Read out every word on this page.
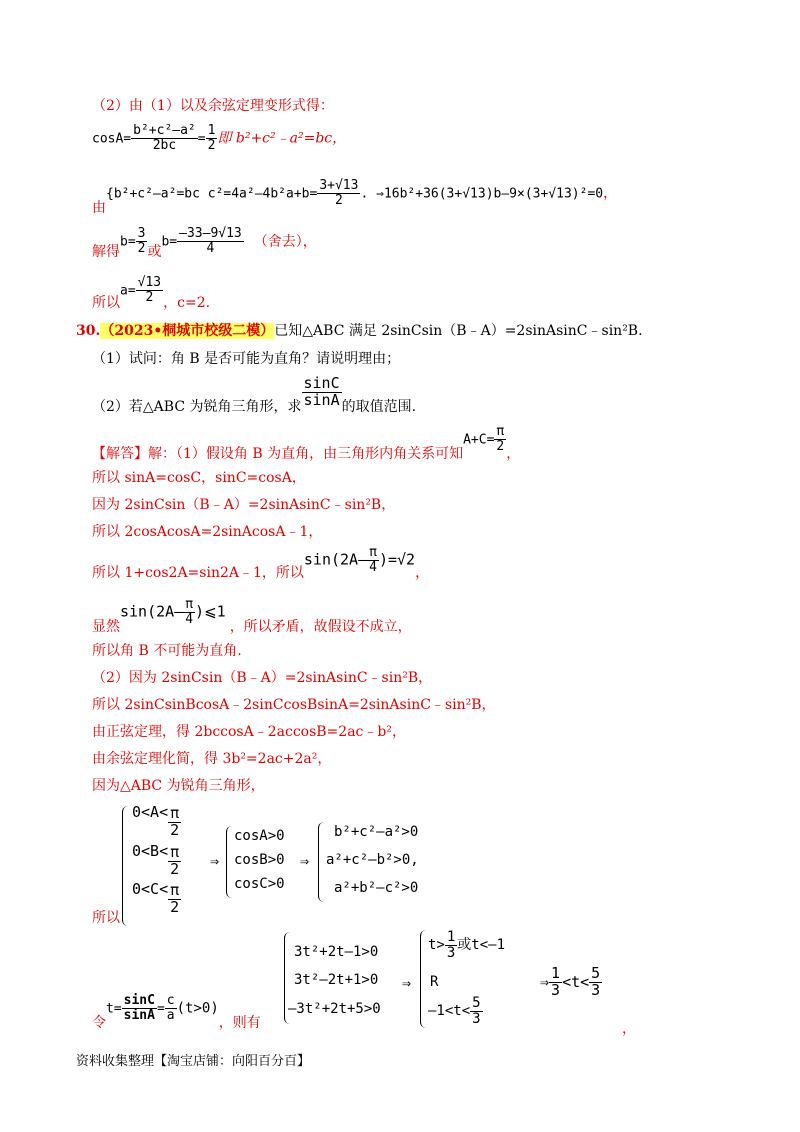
（2）由（1）以及余弦定理变形式得：
$\cos A= \frac{\text{b²+c²–a²}}{2bc} = \frac{1}{2}$ 即 b²+c²﹣a²=bc，
由{b²+c²–a²=bc $c^2=4a^2-4b^2a+b= \frac{3+√13}{2}$ . ⇒16b²+36(3+√13)b–9×(3+√13)²=0，
解得$b= \frac{3}{2}$ 或$b= \frac{-33-9√13}{4}$ （舍去），
所以$a= \frac{√13}{2}$ ，c=2.
30.（2023•桐城市校级二模）已知△ABC 满足 2sinCsin（B﹣A）=2sinAsinC﹣sin²B.
（1）试问：角 B 是否可能为直角？请说明理由；
（2）若△ABC 为锐角三角形，求 $\frac{\sin C}{\sin A}$ 的取值范围.
【解答】解：（1）假设角 B 为直角，由三角形内角关系可知$A+C= \frac{\pi}{2}$
，
所以 sinA=cosC，sinC=cosA，
因为 2sinCsin（B﹣A）=2sinAsinC﹣sin²B，
所以 2cosAcosA=2sinAcosA﹣1，
所以 1+cos2A=sin2A﹣1，所以$\sin(2A- \frac{\pi}{4} )=√2$，
显然$\sin(2A- \frac{\pi}{4}$ )⩽1，所以矛盾，故假设不成立，
所以角 B 不可能为直角.
（2）因为 2sinCsin（B﹣A）=2sinAsinC﹣sin²B，
所以 2sinCsinBcosA﹣2sinCcosBsinA=2sinAsinC﹣sin²B，
由正弦定理，得 2bccosA﹣2accosB=2ac﹣b²，
由余弦定理化简，得 3b²=2ac+2a²，
因为△ABC 为锐角三角形，
所以
$0<A< \frac{\pi}{2}$
$0<B< \frac{\pi}{2}$
$0<C< \frac{\pi}{2}$
⇒
cosA>0
cosB>0
cosC>0
⇒
b²+c²–a²>0
a²+c²–b²>0,
a²+b²–c²>0
令$t= \frac{\sin C}{\sin A} = \frac{c}{a} (t>0)$，则有
3t²+2t–1>0
3t²–2t+1>0
–3t²+2t+5>0
⇒
$t> \frac{1}{3}$ 或t<–1
R
$-1<t< \frac{5}{3}$
⇒ $\frac{1}{3} <t< \frac{5}{3}$
，
资料收集整理【淘宝店铺：向阳百分百】
